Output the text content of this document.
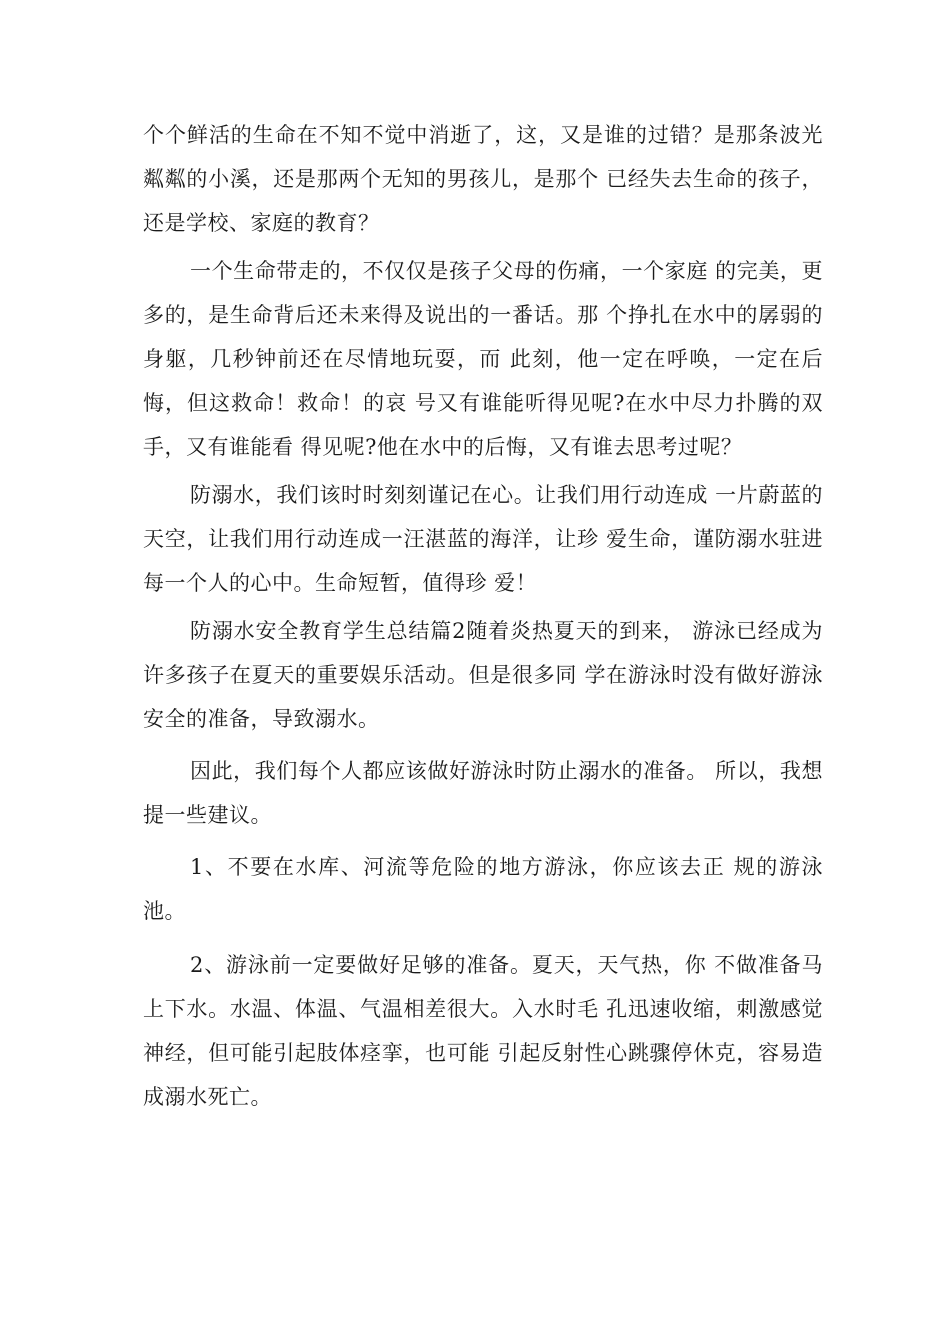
个个鲜活的生命在不知不觉中消逝了，这，又是谁的过错？是那条波光粼粼的小溪，还是那两个无知的男孩儿，是那个 已经失去生命的孩子，还是学校、家庭的教育？

一个生命带走的，不仅仅是孩子父母的伤痛，一个家庭 的完美，更多的，是生命背后还未来得及说出的一番话。那 个挣扎在水中的孱弱的身躯，几秒钟前还在尽情地玩耍，而 此刻，他一定在呼唤，一定在后悔，但这救命！救命！的哀 号又有谁能听得见呢?在水中尽力扑腾的双手，又有谁能看 得见呢?他在水中的后悔，又有谁去思考过呢？

防溺水，我们该时时刻刻谨记在心。让我们用行动连成 一片蔚蓝的天空，让我们用行动连成一汪湛蓝的海洋，让珍 爱生命，谨防溺水驻进每一个人的心中。生命短暂，值得珍 爱！

防溺水安全教育学生总结篇2随着炎热夏天的到来， 游泳已经成为许多孩子在夏天的重要娱乐活动。但是很多同 学在游泳时没有做好游泳安全的准备，导致溺水。

因此，我们每个人都应该做好游泳时防止溺水的准备。 所以，我想提一些建议。

1、不要在水库、河流等危险的地方游泳，你应该去正 规的游泳池。

2、游泳前一定要做好足够的准备。夏天，天气热，你 不做准备马上下水。水温、体温、气温相差很大。入水时毛 孔迅速收缩，刺激感觉神经，但可能引起肢体痉挛，也可能 引起反射性心跳骤停休克，容易造成溺水死亡。
